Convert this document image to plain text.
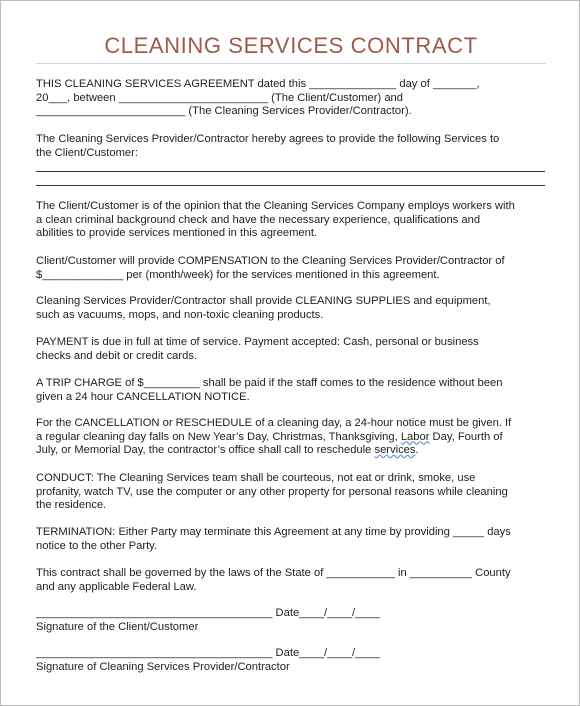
CLEANING SERVICES CONTRACT
THIS CLEANING SERVICES AGREEMENT dated this ______________ day of _______,
20___, between ________________________ (The Client/Customer) and
________________________ (The Cleaning Services Provider/Contractor).
The Cleaning Services Provider/Contractor hereby agrees to provide the following Services to
the Client/Customer:
The Client/Customer is of the opinion that the Cleaning Services Company employs workers with
a clean criminal background check and have the necessary experience, qualifications and
abilities to provide services mentioned in this agreement.
Client/Customer will provide COMPENSATION to the Cleaning Services Provider/Contractor of
$_____________ per (month/week) for the services mentioned in this agreement.
Cleaning Services Provider/Contractor shall provide CLEANING SUPPLIES and equipment,
such as vacuums, mops, and non-toxic cleaning products.
PAYMENT is due in full at time of service. Payment accepted: Cash, personal or business
checks and debit or credit cards.
A TRIP CHARGE of $_________ shall be paid if the staff comes to the residence without been
given a 24 hour CANCELLATION NOTICE.
For the CANCELLATION or RESCHEDULE of a cleaning day, a 24-hour notice must be given. If
a regular cleaning day falls on New Year’s Day, Christmas, Thanksgiving, Labor Day, Fourth of
July, or Memorial Day, the contractor’s office shall call to reschedule services.
CONDUCT: The Cleaning Services team shall be courteous, not eat or drink, smoke, use
profanity, watch TV, use the computer or any other property for personal reasons while cleaning
the residence.
TERMINATION: Either Party may terminate this Agreement at any time by providing _____ days
notice to the other Party.
This contract shall be governed by the laws of the State of ___________ in __________ County
and any applicable Federal Law.
______________________________________ Date____/____/____
Signature of the Client/Customer
______________________________________ Date____/____/____
Signature of Cleaning Services Provider/Contractor
